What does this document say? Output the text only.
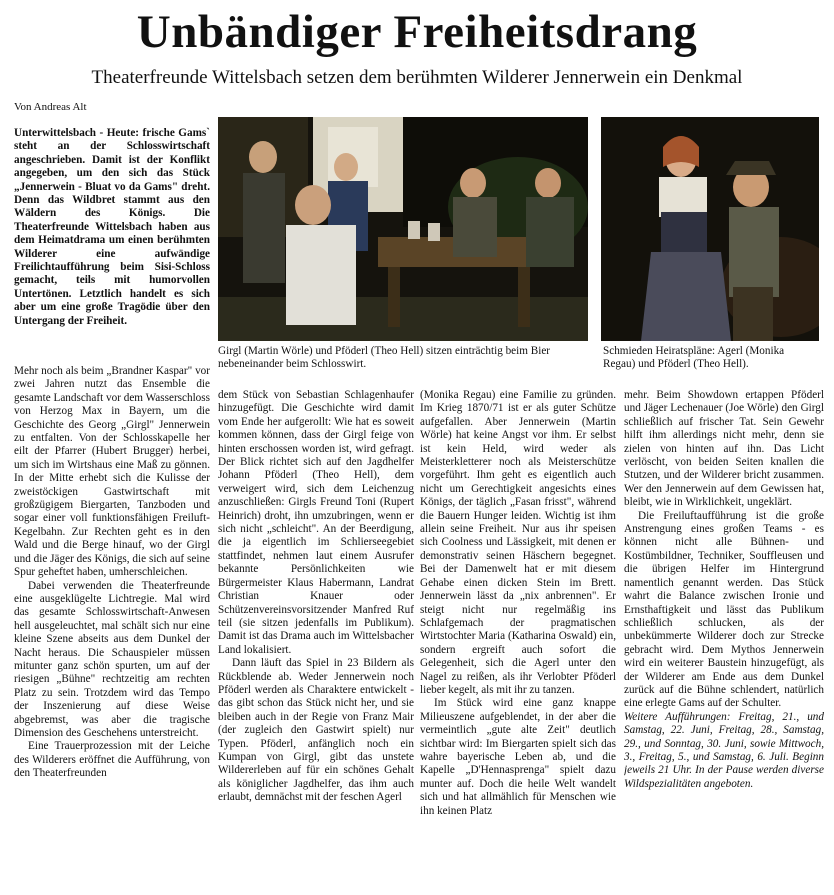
Unbändiger Freiheitsdrang
Theaterfreunde Wittelsbach setzen dem berühmten Wilderer Jennerwein ein Denkmal
Von Andreas Alt

Unterwittelsbach - Heute: frische Gams` steht an der Schlosswirtschaft angeschrieben. Damit ist der Konflikt angegeben, um den sich das Stück „Jennerwein - Bluat vo da Gams" dreht. Denn das Wildbret stammt aus den Wäldern des Königs. Die Theaterfreunde Wittelsbach haben aus dem Heimatdrama um einen berühmten Wilderer eine aufwändige Freilichtaufführung beim Sisi-Schloss gemacht, teils mit humorvollen Untertönen. Letztlich handelt es sich aber um eine große Tragödie über den Untergang der Freiheit.

Girgl (Martin Wörle) und Pföderl (Theo Hell) sitzen einträchtig beim Bier nebeneinander beim Schlosswirt.
Schmieden Heiratspläne: Agerl (Monika Regau) und Pföderl (Theo Hell).

Mehr noch als beim „Brandner Kaspar" vor zwei Jahren nutzt das Ensemble die gesamte Landschaft vor dem Wasserschloss von Herzog Max in Bayern, um die Geschichte des Georg „Girgl" Jennerwein zu entfalten. Von der Schlosskapelle her eilt der Pfarrer (Hubert Brugger) herbei, um sich im Wirtshaus eine Maß zu gönnen. In der Mitte erhebt sich die Kulisse der zweistöckigen Gastwirtschaft mit großzügigem Biergarten, Tanzboden und sogar einer voll funktionsfähigen Freiluft-Kegelbahn. Zur Rechten geht es in den Wald und die Berge hinauf, wo der Girgl und die Jäger des Königs, die sich auf seine Spur geheftet haben, umherschleichen.

Dabei verwenden die Theaterfreunde eine ausgeklügelte Lichtregie. Mal wird das gesamte Schlosswirtschaft-Anwesen hell ausgeleuchtet, mal schält sich nur eine kleine Szene abseits aus dem Dunkel der Nacht heraus. Die Schauspieler müssen mitunter ganz schön spurten, um auf der riesigen „Bühne" rechtzeitig am rechten Platz zu sein. Trotzdem wird das Tempo der Inszenierung auf diese Weise abgebremst, was aber die tragische Dimension des Geschehens unterstreicht.

Eine Trauerprozession mit der Leiche des Wilderers eröffnet die Aufführung, von den Theaterfreunden

dem Stück von Sebastian Schlagenhaufer hinzugefügt. Die Geschichte wird damit vom Ende her aufgerollt: Wie hat es soweit kommen können, dass der Girgl feige von hinten erschossen worden ist, wird gefragt. Der Blick richtet sich auf den Jagdhelfer Johann Pföderl (Theo Hell), dem verweigert wird, sich dem Leichenzug anzuschließen: Girgls Freund Toni (Rupert Heinrich) droht, ihn umzubringen, wenn er sich nicht „schleicht". An der Beerdigung, die ja eigentlich im Schlierseegebiet stattfindet, nehmen laut einem Ausrufer bekannte Persönlichkeiten wie Bürgermeister Klaus Habermann, Landrat Christian Knauer oder Schützenvereinsvorsitzender Manfred Ruf teil (sie sitzen jedenfalls im Publikum). Damit ist das Drama auch im Wittelsbacher Land lokalisiert.

Dann läuft das Spiel in 23 Bildern als Rückblende ab. Weder Jennerwein noch Pföderl werden als Charaktere entwickelt - das gibt schon das Stück nicht her, und sie bleiben auch in der Regie von Franz Mair (der zugleich den Gastwirt spielt) nur Typen. Pföderl, anfänglich noch ein Kumpan von Girgl, gibt das unstete Wildererleben auf für ein schönes Gehalt als königlicher Jagdhelfer, das ihm auch erlaubt, demnächst mit der feschen Agerl

(Monika Regau) eine Familie zu gründen. Im Krieg 1870/71 ist er als guter Schütze aufgefallen. Aber Jennerwein (Martin Wörle) hat keine Angst vor ihm. Er selbst ist kein Held, wird weder als Meisterkletterer noch als Meisterschütze vorgeführt. Ihm geht es eigentlich auch nicht um Gerechtigkeit angesichts eines Königs, der täglich „Fasan frisst", während die Bauern Hunger leiden. Wichtig ist ihm allein seine Freiheit. Nur aus ihr speisen sich Coolness und Lässigkeit, mit denen er demonstrativ seinen Häschern begegnet. Bei der Damenwelt hat er mit diesem Gehabe einen dicken Stein im Brett. Jennerwein lässt da „nix anbrennen". Er steigt nicht nur regelmäßig ins Schlafgemach der pragmatischen Wirtstochter Maria (Katharina Oswald) ein, sondern ergreift auch sofort die Gelegenheit, sich die Agerl unter den Nagel zu reißen, als ihr Verlobter Pföderl lieber kegelt, als mit ihr zu tanzen.

Im Stück wird eine ganz knappe Milieuszene aufgeblendet, in der aber die vermeintlich „gute alte Zeit" deutlich sichtbar wird: Im Biergarten spielt sich das wahre bayerische Leben ab, und die Kapelle „D'Hennasprenga" spielt dazu munter auf. Doch die heile Welt wandelt sich und hat allmählich für Menschen wie ihn keinen Platz

mehr. Beim Showdown ertappen Pföderl und Jäger Lechenauer (Joe Wörle) den Girgl schließlich auf frischer Tat. Sein Gewehr hilft ihm allerdings nicht mehr, denn sie zielen von hinten auf ihn. Das Licht verlöscht, von beiden Seiten knallen die Stutzen, und der Wilderer bricht zusammen. Wer den Jennerwein auf dem Gewissen hat, bleibt, wie in Wirklichkeit, ungeklärt.

Die Freiluftaufführung ist die große Anstrengung eines großen Teams - es können nicht alle Bühnen- und Kostümbildner, Techniker, Souffleusen und die übrigen Helfer im Hintergrund namentlich genannt werden. Das Stück wahrt die Balance zwischen Ironie und Ernsthaftigkeit und lässt das Publikum schließlich schlucken, als der unbekümmerte Wilderer doch zur Strecke gebracht wird. Dem Mythos Jennerwein wird ein weiterer Baustein hinzugefügt, als der Wilderer am Ende aus dem Dunkel zurück auf die Bühne schlendert, natürlich eine erlegte Gams auf der Schulter.

Weitere Aufführungen: Freitag, 21., und Samstag, 22. Juni, Freitag, 28., Samstag, 29., und Sonntag, 30. Juni, sowie Mittwoch, 3., Freitag, 5., und Samstag, 6. Juli. Beginn jeweils 21 Uhr. In der Pause werden diverse Wildspezialitäten angeboten.
